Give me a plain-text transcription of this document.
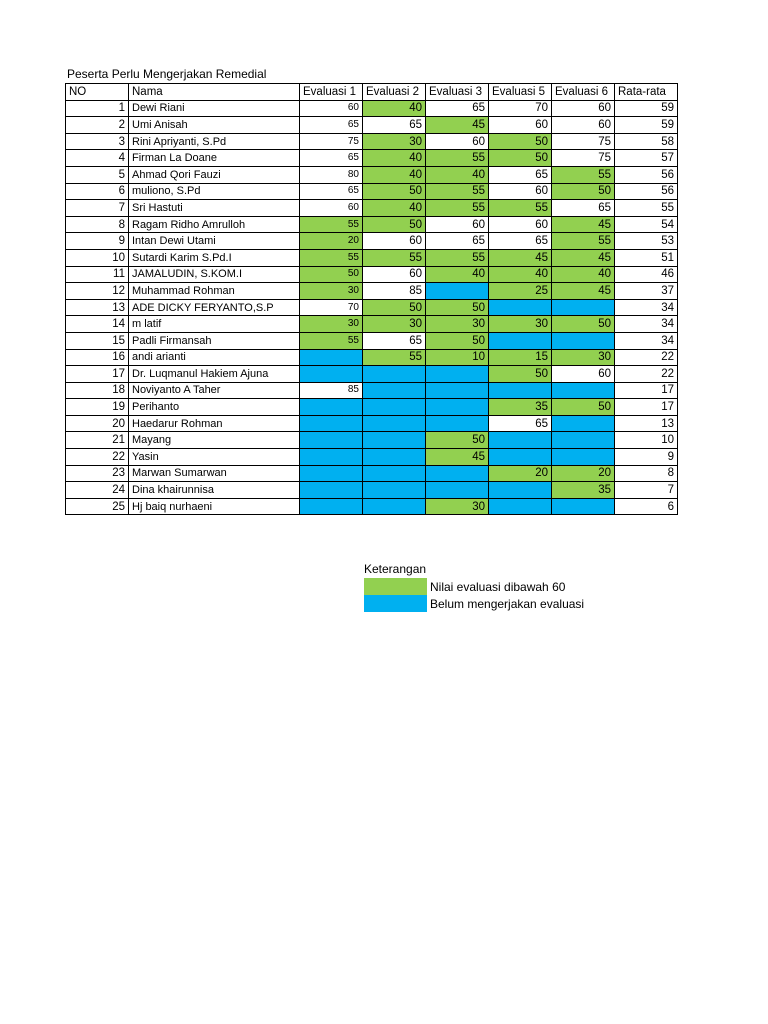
Peserta Perlu Mengerjakan Remedial
NO	Nama	Evaluasi 1	Evaluasi 2	Evaluasi 3	Evaluasi 5	Evaluasi 6	Rata-rata
1	Dewi Riani	60	40	65	70	60	59
2	Umi Anisah	65	65	45	60	60	59
3	Rini Apriyanti, S.Pd	75	30	60	50	75	58
4	Firman La Doane	65	40	55	50	75	57
5	Ahmad Qori Fauzi	80	40	40	65	55	56
6	muliono, S.Pd	65	50	55	60	50	56
7	Sri Hastuti	60	40	55	55	65	55
8	Ragam Ridho Amrulloh	55	50	60	60	45	54
9	Intan Dewi Utami	20	60	65	65	55	53
10	Sutardi Karim S.Pd.I	55	55	55	45	45	51
11	JAMALUDIN, S.KOM.I	50	60	40	40	40	46
12	Muhammad Rohman	30	85		25	45	37
13	ADE DICKY FERYANTO,S.P	70	50	50			34
14	m latif	30	30	30	30	50	34
15	Padli Firmansah	55	65	50			34
16	andi arianti		55	10	15	30	22
17	Dr. Luqmanul Hakiem Ajuna				50	60	22
18	Noviyanto A Taher	85					17
19	Perihanto				35	50	17
20	Haedarur Rohman				65		13
21	Mayang			50			10
22	Yasin			45			9
23	Marwan Sumarwan				20	20	8
24	Dina khairunnisa					35	7
25	Hj baiq nurhaeni			30			6
Keterangan
Nilai evaluasi dibawah 60
Belum mengerjakan evaluasi
